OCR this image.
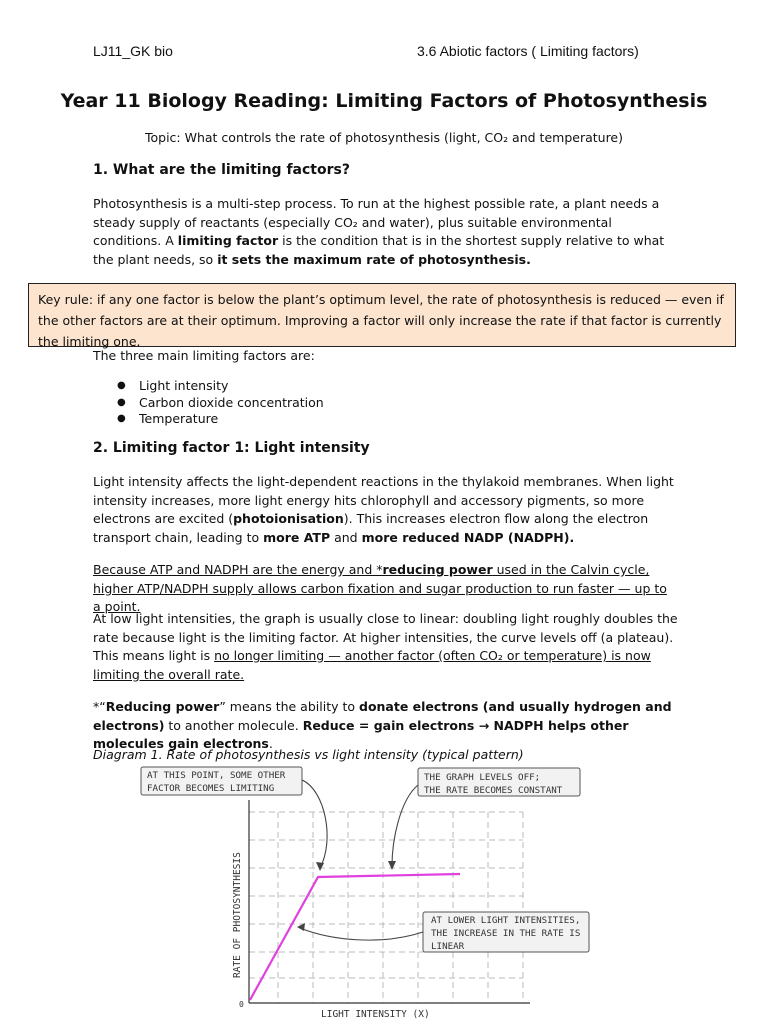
LJ11_GK bio	3.6 Abiotic factors ( Limiting factors)
Year 11 Biology Reading: Limiting Factors of Photosynthesis
Topic: What controls the rate of photosynthesis (light, CO₂ and temperature)
1. What are the limiting factors?

Photosynthesis is a multi-step process. To run at the highest possible rate, a plant needs a steady supply of reactants (especially CO₂ and water), plus suitable environmental conditions. A limiting factor is the condition that is in the shortest supply relative to what the plant needs, so it sets the maximum rate of photosynthesis.

Key rule: if any one factor is below the plant’s optimum level, the rate of photosynthesis is reduced — even if the other factors are at their optimum. Improving a factor will only increase the rate if that factor is currently the limiting one.
The three main limiting factors are:
● Light intensity
● Carbon dioxide concentration
● Temperature
2. Limiting factor 1: Light intensity

Light intensity affects the light-dependent reactions in the thylakoid membranes. When light intensity increases, more light energy hits chlorophyll and accessory pigments, so more electrons are excited (photoionisation). This increases electron flow along the electron transport chain, leading to more ATP and more reduced NADP (NADPH).

Because ATP and NADPH are the energy and *reducing power used in the Calvin cycle, higher ATP/NADPH supply allows carbon fixation and sugar production to run faster — up to a point.

At low light intensities, the graph is usually close to linear: doubling light roughly doubles the rate because light is the limiting factor. At higher intensities, the curve levels off (a plateau). This means light is no longer limiting — another factor (often CO₂ or temperature) is now limiting the overall rate.

*“Reducing power” means the ability to donate electrons (and usually hydrogen and electrons) to another molecule. Reduce = gain electrons → NADPH helps other molecules gain electrons.

Diagram 1. Rate of photosynthesis vs light intensity (typical pattern)
AT THIS POINT, SOME OTHER
FACTOR BECOMES LIMITING
THE GRAPH LEVELS OFF;
THE RATE BECOMES CONSTANT
AT LOWER LIGHT INTENSITIES,
THE INCREASE IN THE RATE IS
LINEAR
RATE OF PHOTOSYNTHESIS
LIGHT INTENSITY (X)
0
